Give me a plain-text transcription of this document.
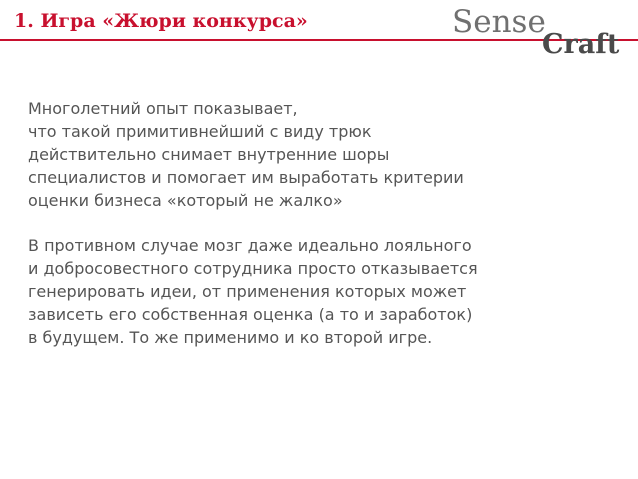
1. Игра «Жюри конкурса»	Sense
Craft

Многолетний опыт показывает,
что такой примитивнейший с виду трюк
действительно снимает внутренние шоры
специалистов и помогает им выработать критерии
оценки бизнеса «который не жалко»

В противном случае мозг даже идеально лояльного
и добросовестного сотрудника просто отказывается
генерировать идеи, от применения которых может
зависеть его собственная оценка (а то и заработок)
в будущем. То же применимо и ко второй игре.
